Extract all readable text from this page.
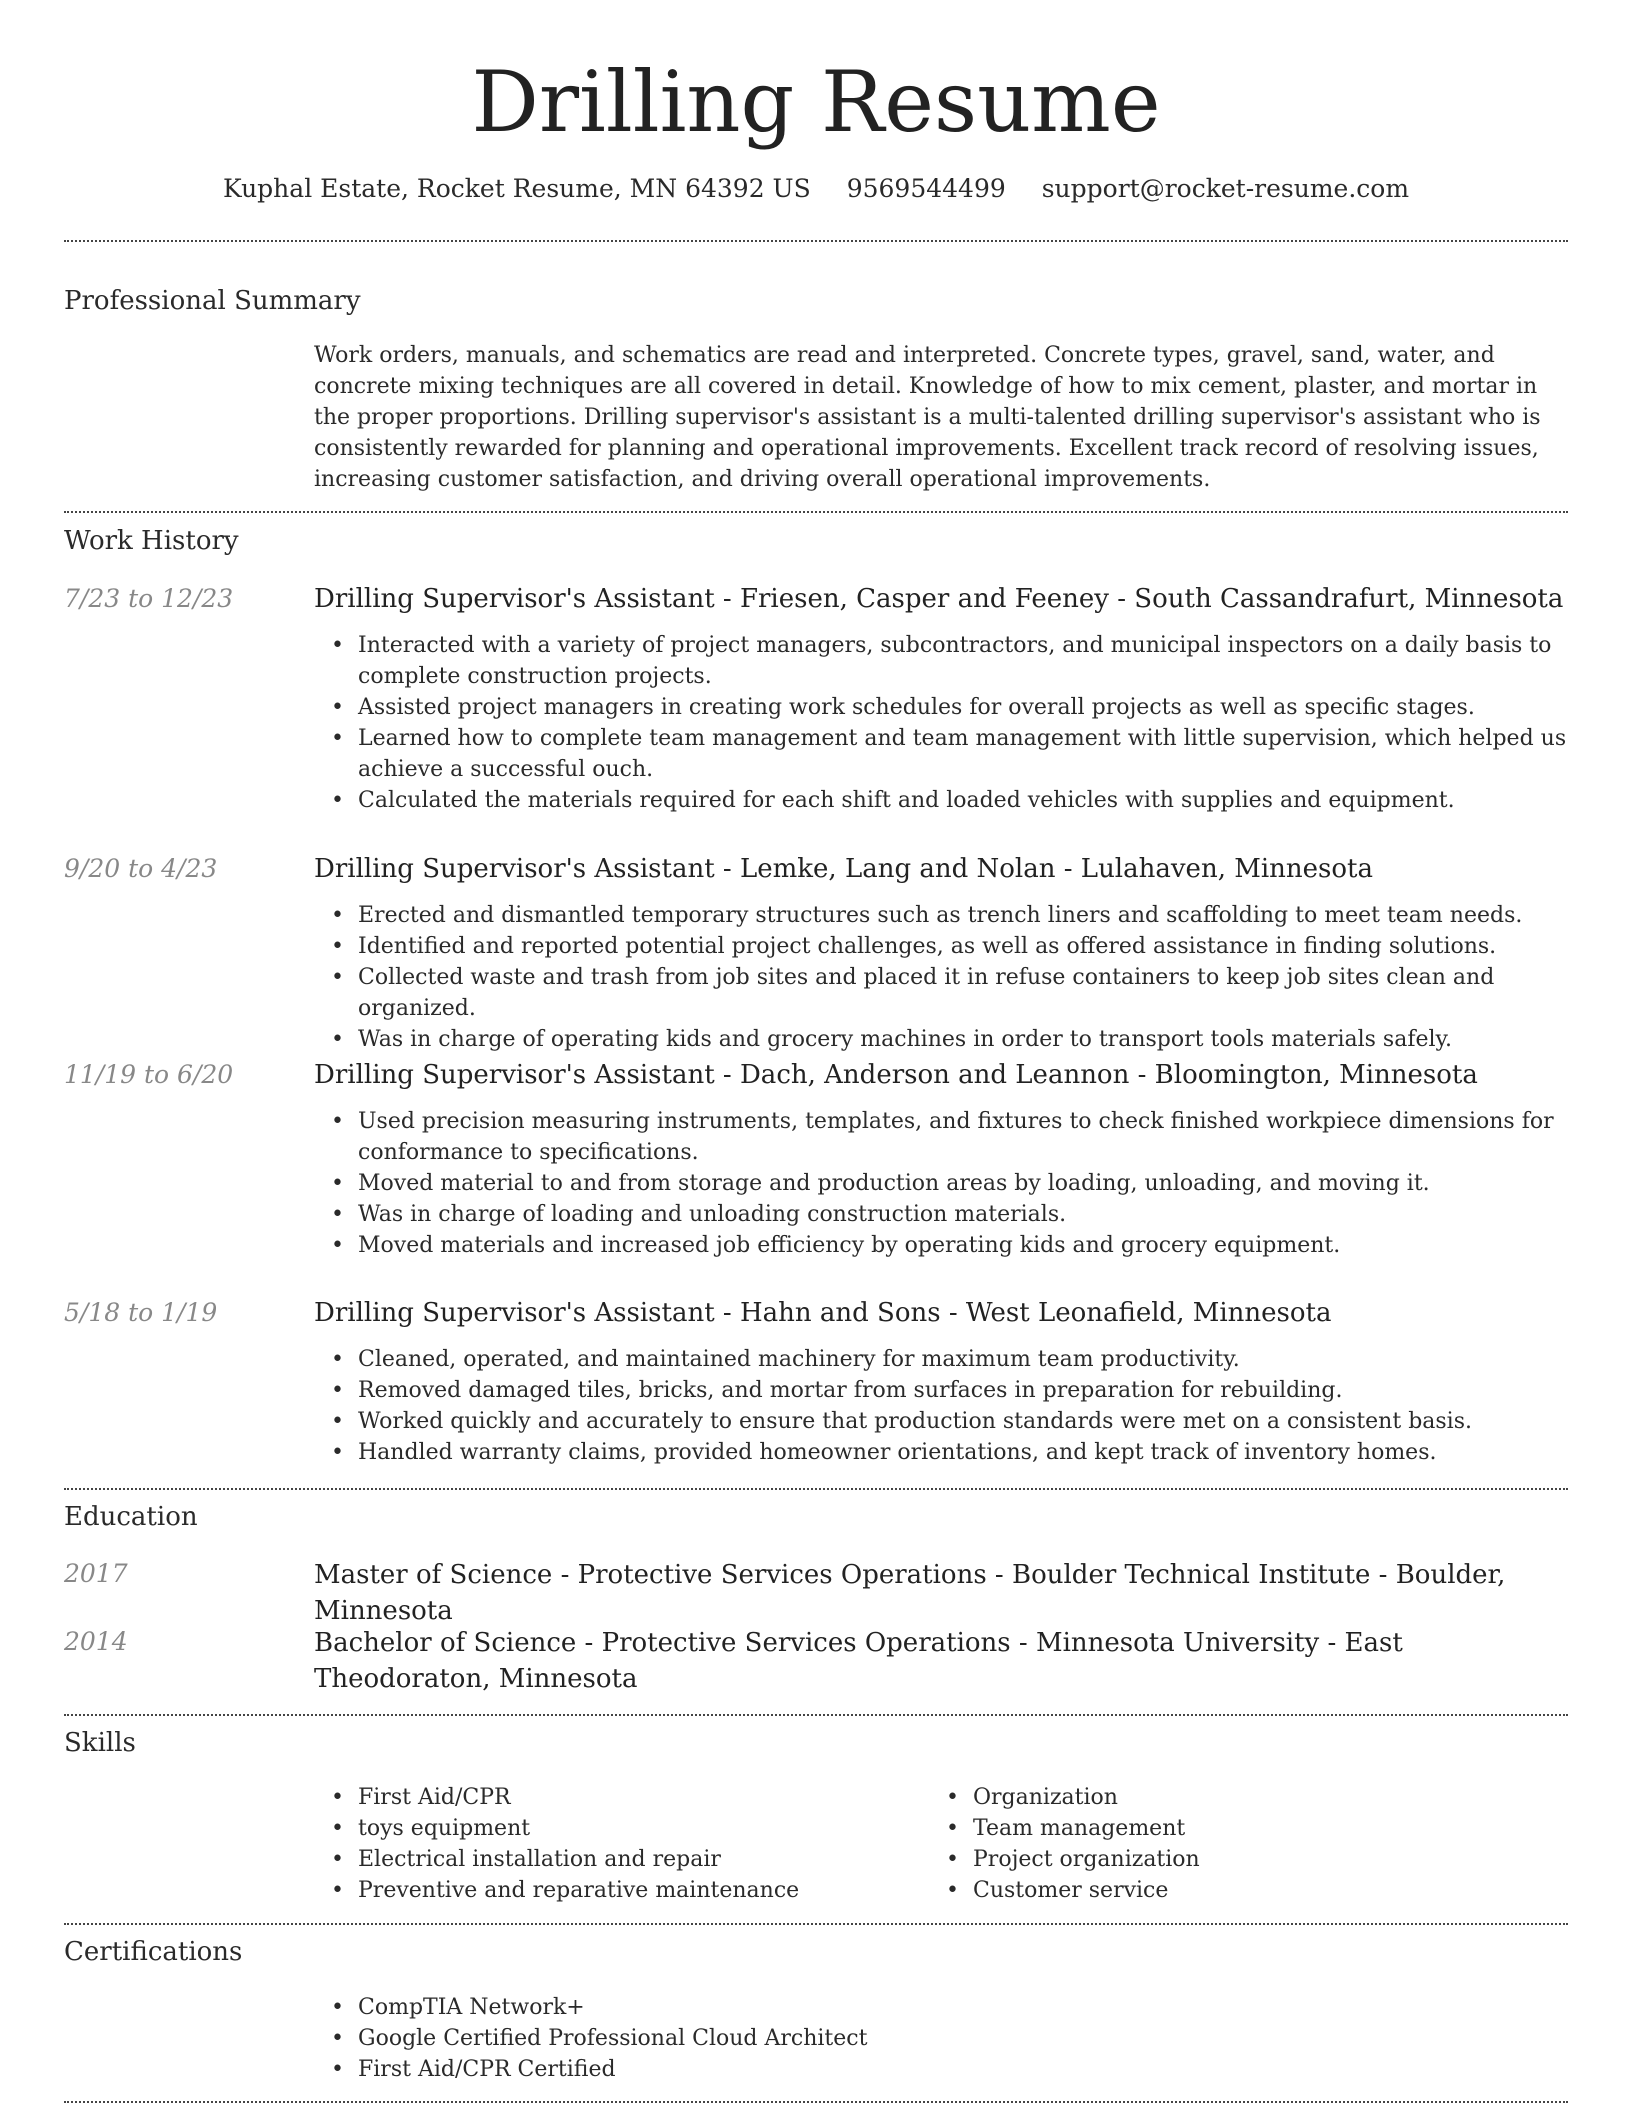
Drilling Resume
Kuphal Estate, Rocket Resume, MN 64392 US 9569544499 support@rocket-resume.com
Professional Summary
Work orders, manuals, and schematics are read and interpreted. Concrete types, gravel, sand, water, and concrete mixing techniques are all covered in detail. Knowledge of how to mix cement, plaster, and mortar in the proper proportions. Drilling supervisor's assistant is a multi-talented drilling supervisor's assistant who is consistently rewarded for planning and operational improvements. Excellent track record of resolving issues, increasing customer satisfaction, and driving overall operational improvements.
Work History
7/23 to 12/23	Drilling Supervisor's Assistant - Friesen, Casper and Feeney - South Cassandrafurt, Minnesota
• Interacted with a variety of project managers, subcontractors, and municipal inspectors on a daily basis to complete construction projects.
• Assisted project managers in creating work schedules for overall projects as well as specific stages.
• Learned how to complete team management and team management with little supervision, which helped us achieve a successful ouch.
• Calculated the materials required for each shift and loaded vehicles with supplies and equipment.
9/20 to 4/23	Drilling Supervisor's Assistant - Lemke, Lang and Nolan - Lulahaven, Minnesota
• Erected and dismantled temporary structures such as trench liners and scaffolding to meet team needs.
• Identified and reported potential project challenges, as well as offered assistance in finding solutions.
• Collected waste and trash from job sites and placed it in refuse containers to keep job sites clean and organized.
• Was in charge of operating kids and grocery machines in order to transport tools materials safely.
11/19 to 6/20	Drilling Supervisor's Assistant - Dach, Anderson and Leannon - Bloomington, Minnesota
• Used precision measuring instruments, templates, and fixtures to check finished workpiece dimensions for conformance to specifications.
• Moved material to and from storage and production areas by loading, unloading, and moving it.
• Was in charge of loading and unloading construction materials.
• Moved materials and increased job efficiency by operating kids and grocery equipment.
5/18 to 1/19	Drilling Supervisor's Assistant - Hahn and Sons - West Leonafield, Minnesota
• Cleaned, operated, and maintained machinery for maximum team productivity.
• Removed damaged tiles, bricks, and mortar from surfaces in preparation for rebuilding.
• Worked quickly and accurately to ensure that production standards were met on a consistent basis.
• Handled warranty claims, provided homeowner orientations, and kept track of inventory homes.
Education
2017	Master of Science - Protective Services Operations - Boulder Technical Institute - Boulder, Minnesota
2014	Bachelor of Science - Protective Services Operations - Minnesota University - East Theodoraton, Minnesota
Skills
• First Aid/CPR
• toys equipment
• Electrical installation and repair
• Preventive and reparative maintenance
• Organization
• Team management
• Project organization
• Customer service
Certifications
• CompTIA Network+
• Google Certified Professional Cloud Architect
• First Aid/CPR Certified
